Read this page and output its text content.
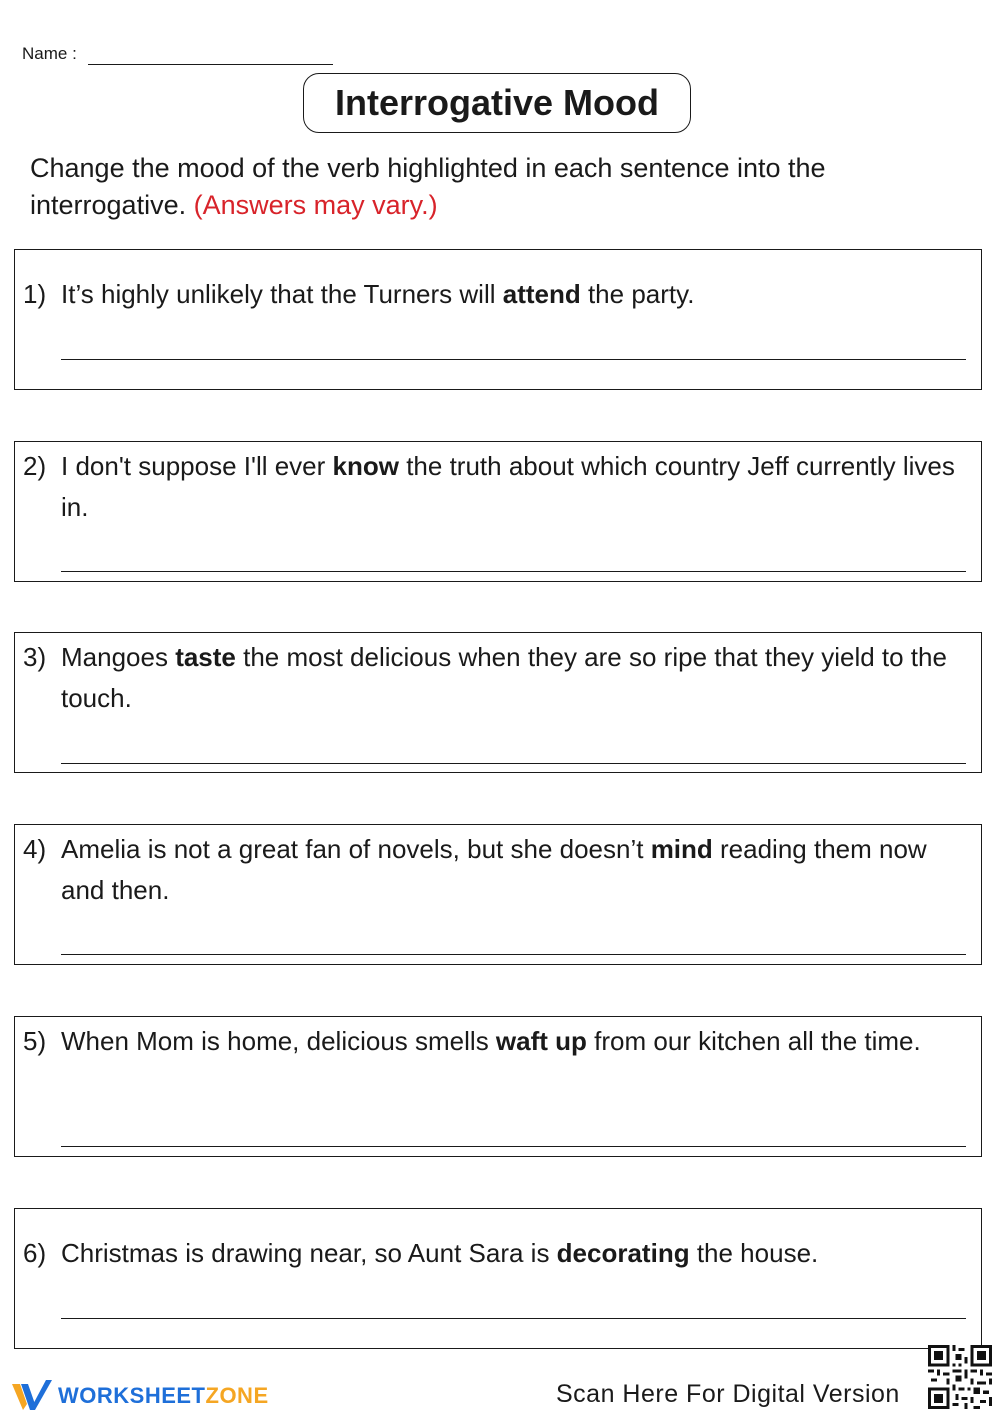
Name :
Interrogative Mood
Change the mood of the verb highlighted in each sentence into the interrogative. (Answers may vary.)
1) It’s highly unlikely that the Turners will attend the party.
2) I don't suppose I'll ever know the truth about which country Jeff currently lives in.
3) Mangoes taste the most delicious when they are so ripe that they yield to the touch.
4) Amelia is not a great fan of novels, but she doesn’t mind reading them now and then.
5) When Mom is home, delicious smells waft up from our kitchen all the time.
6) Christmas is drawing near, so Aunt Sara is decorating the house.
WORKSHEETZONE	Scan Here For Digital Version
